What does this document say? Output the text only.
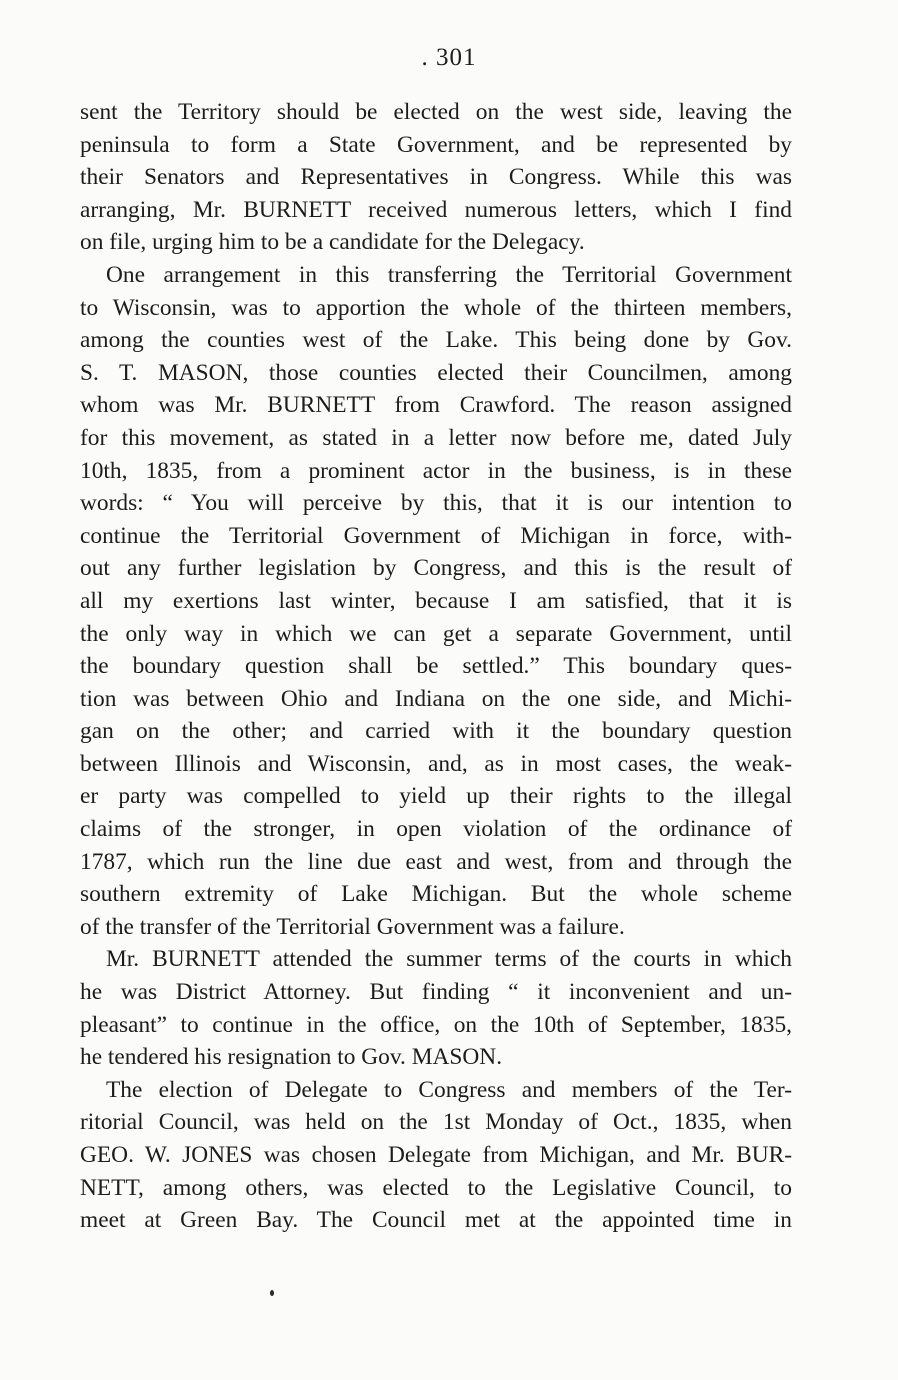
. 301

sent the Territory should be elected on the west side, leaving the
peninsula to form a State Government, and be represented by
their Senators and Representatives in Congress. While this was
arranging, Mr. BURNETT received numerous letters, which I find
on file, urging him to be a candidate for the Delegacy.

One arrangement in this transferring the Territorial Government
to Wisconsin, was to apportion the whole of the thirteen members,
among the counties west of the Lake. This being done by Gov.
S. T. MASON, those counties elected their Councilmen, among
whom was Mr. BURNETT from Crawford. The reason assigned
for this movement, as stated in a letter now before me, dated July
10th, 1835, from a prominent actor in the business, is in these
words: “ You will perceive by this, that it is our intention to
continue the Territorial Government of Michigan in force, with-
out any further legislation by Congress, and this is the result of
all my exertions last winter, because I am satisfied, that it is
the only way in which we can get a separate Government, until
the boundary question shall be settled.” This boundary ques-
tion was between Ohio and Indiana on the one side, and Michi-
gan on the other; and carried with it the boundary question
between Illinois and Wisconsin, and, as in most cases, the weak-
er party was compelled to yield up their rights to the illegal
claims of the stronger, in open violation of the ordinance of
1787, which run the line due east and west, from and through the
southern extremity of Lake Michigan. But the whole scheme
of the transfer of the Territorial Government was a failure.

Mr. BURNETT attended the summer terms of the courts in which
he was District Attorney. But finding “ it inconvenient and un-
pleasant” to continue in the office, on the 10th of September, 1835,
he tendered his resignation to Gov. MASON.

The election of Delegate to Congress and members of the Ter-
ritorial Council, was held on the 1st Monday of Oct., 1835, when
GEO. W. JONES was chosen Delegate from Michigan, and Mr. BUR-
NETT, among others, was elected to the Legislative Council, to
meet at Green Bay. The Council met at the appointed time in
